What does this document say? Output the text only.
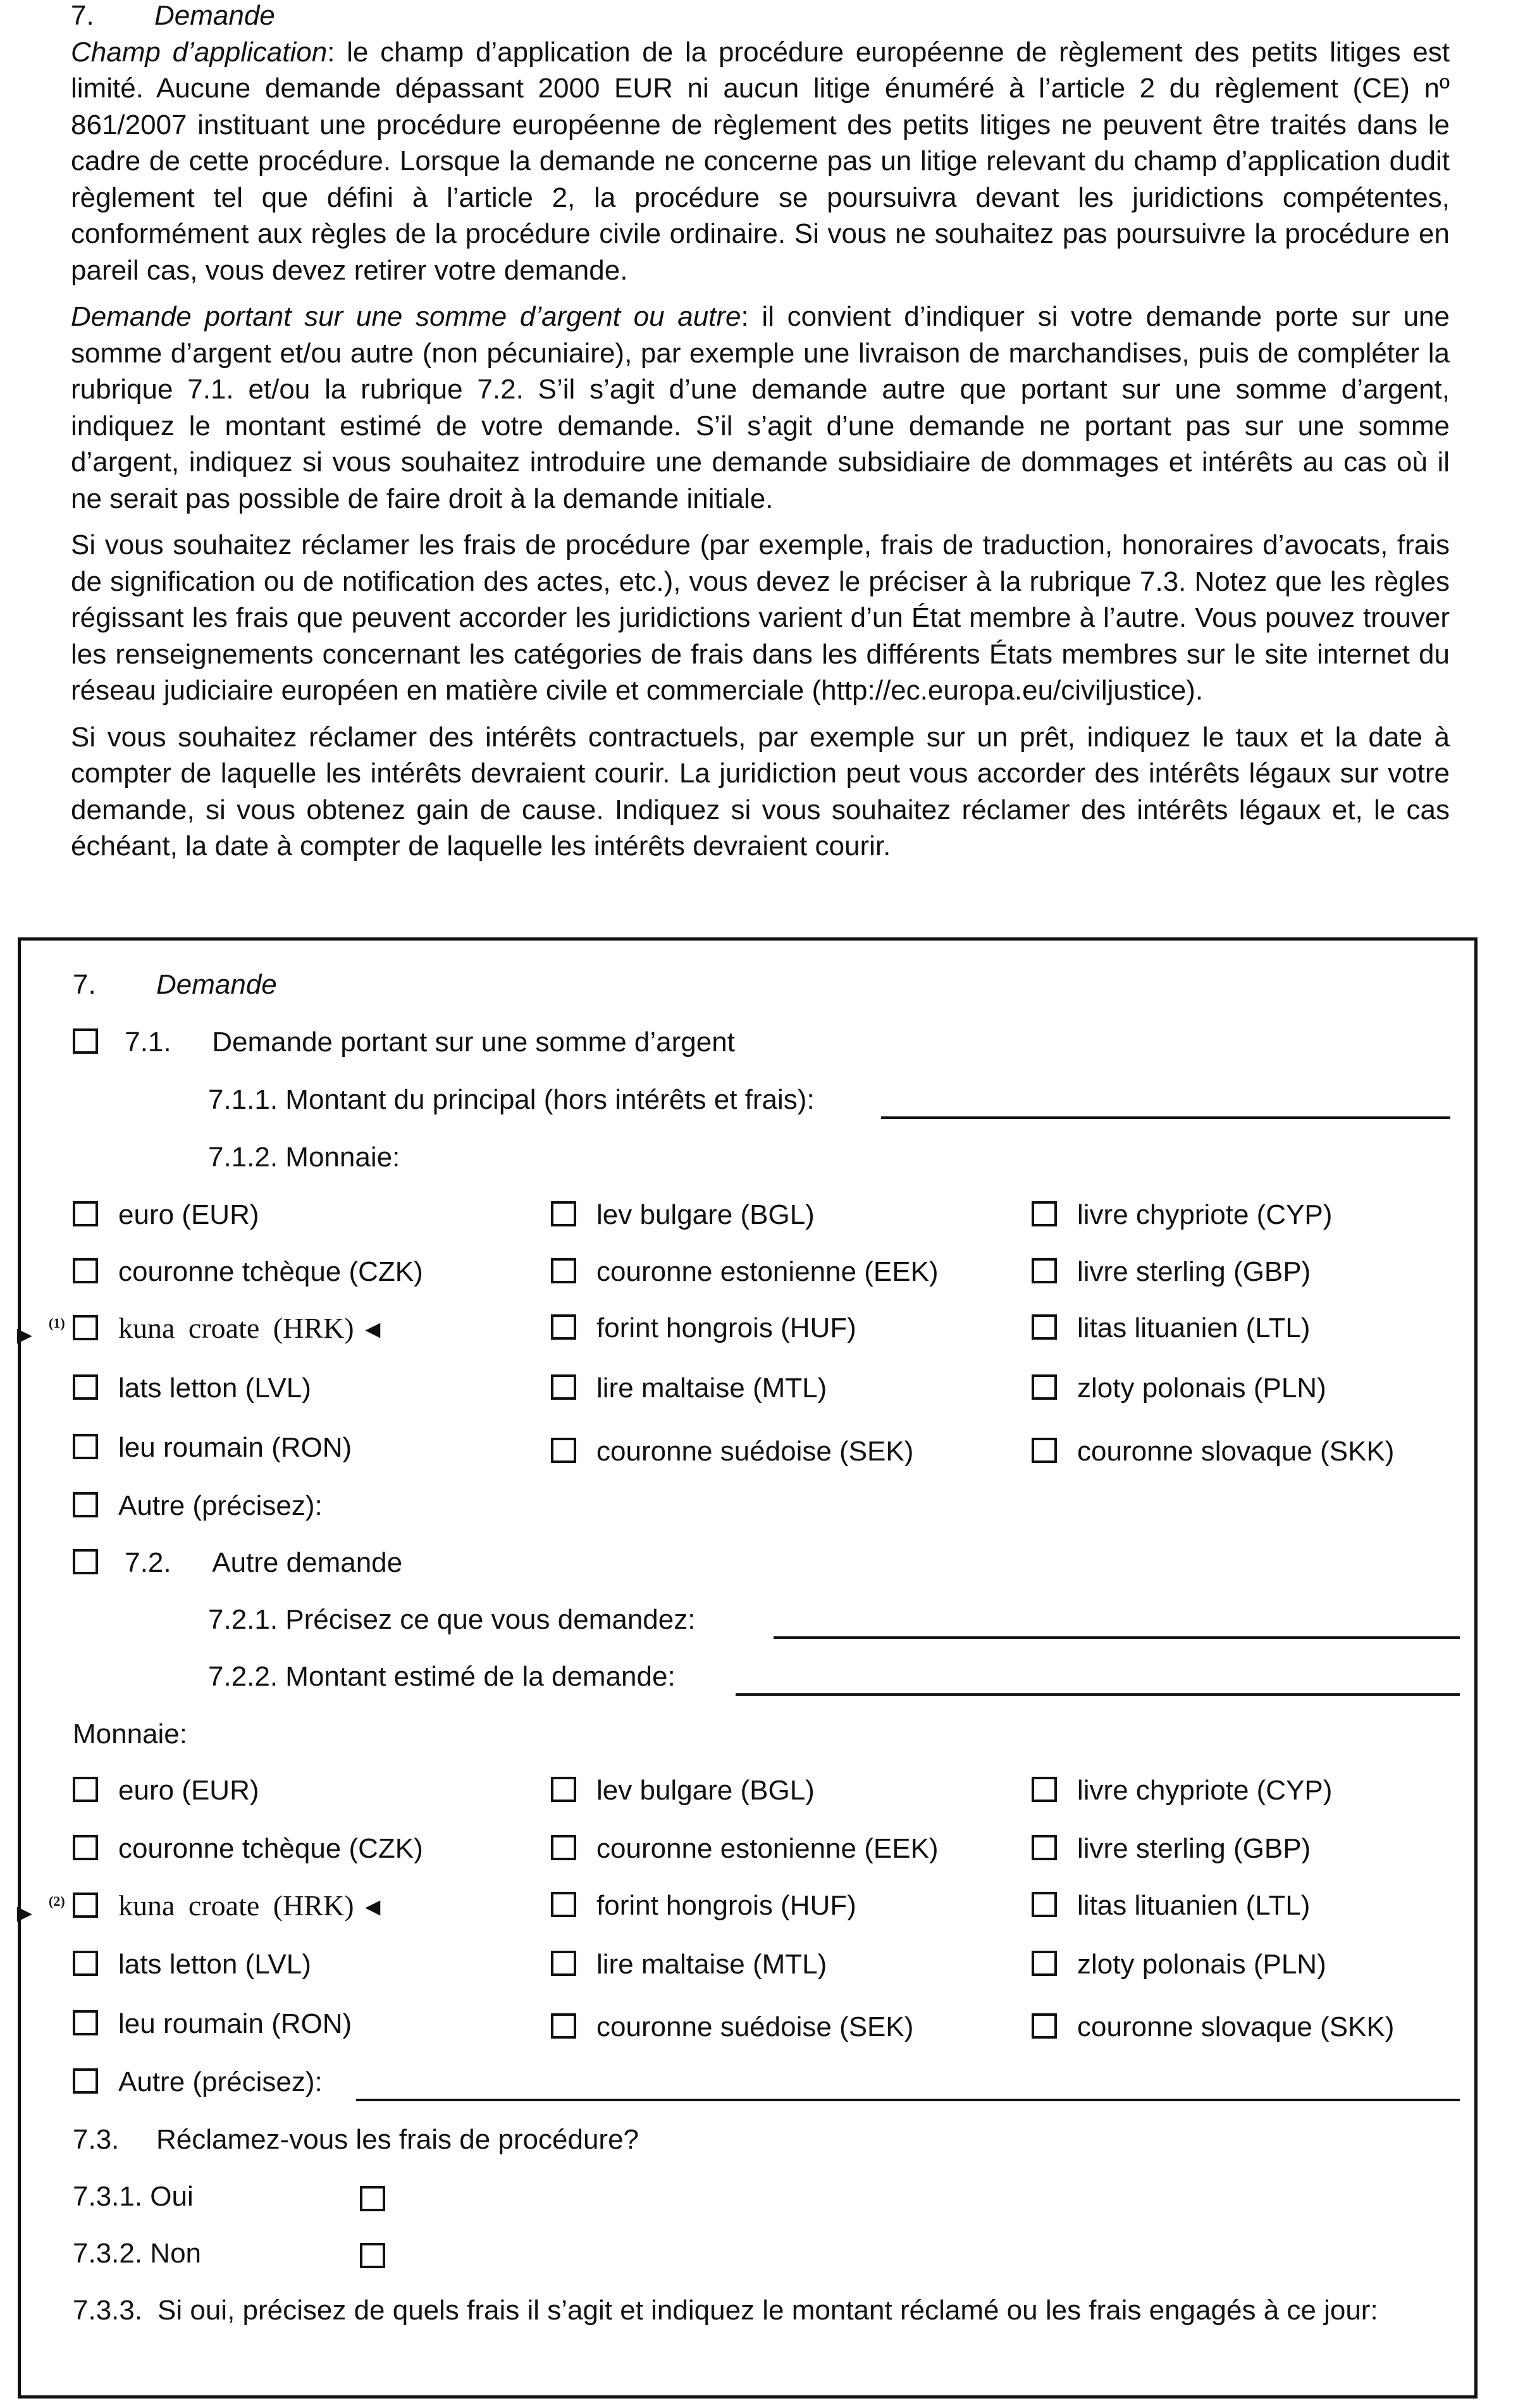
7. Demande

Champ d’application: le champ d’application de la procédure européenne de règlement des petits litiges est limité. Aucune demande dépassant 2000 EUR ni aucun litige énuméré à l’article 2 du règlement (CE) nº 861/2007 instituant une procédure européenne de règlement des petits litiges ne peuvent être traités dans le cadre de cette procédure. Lorsque la demande ne concerne pas un litige relevant du champ d’application dudit règlement tel que défini à l’article 2, la procédure se poursuivra devant les juridictions compétentes, conformément aux règles de la procédure civile ordinaire. Si vous ne souhaitez pas poursuivre la procédure en pareil cas, vous devez retirer votre demande.

Demande portant sur une somme d’argent ou autre: il convient d’indiquer si votre demande porte sur une somme d’argent et/ou autre (non pécuniaire), par exemple une livraison de marchandises, puis de compléter la rubrique 7.1. et/ou la rubrique 7.2. S’il s’agit d’une demande autre que portant sur une somme d’argent, indiquez le montant estimé de votre demande. S’il s’agit d’une demande ne portant pas sur une somme d’argent, indiquez si vous souhaitez introduire une demande subsidiaire de dommages et intérêts au cas où il ne serait pas possible de faire droit à la demande initiale.

Si vous souhaitez réclamer les frais de procédure (par exemple, frais de traduction, honoraires d’avocats, frais de signification ou de notification des actes, etc.), vous devez le préciser à la rubrique 7.3. Notez que les règles régissant les frais que peuvent accorder les juridictions varient d’un État membre à l’autre. Vous pouvez trouver les renseignements concernant les catégories de frais dans les différents États membres sur le site internet du réseau judiciaire européen en matière civile et commerciale (http://ec.europa.eu/civiljustice).

Si vous souhaitez réclamer des intérêts contractuels, par exemple sur un prêt, indiquez le taux et la date à compter de laquelle les intérêts devraient courir. La juridiction peut vous accorder des intérêts légaux sur votre demande, si vous obtenez gain de cause. Indiquez si vous souhaitez réclamer des intérêts légaux et, le cas échéant, la date à compter de laquelle les intérêts devraient courir.

7. Demande
7.1. Demande portant sur une somme d’argent
7.1.1. Montant du principal (hors intérêts et frais):
7.1.2. Monnaie:
euro (EUR)	lev bulgare (BGL)	livre chypriote (CYP)
couronne tchèque (CZK)	couronne estonienne (EEK)	livre sterling (GBP)
► (1)	kuna croate (HRK) ◄	forint hongrois (HUF)	litas lituanien (LTL)
lats letton (LVL)	lire maltaise (MTL)	zloty polonais (PLN)
leu roumain (RON)	couronne suédoise (SEK)	couronne slovaque (SKK)
Autre (précisez):
7.2. Autre demande
7.2.1. Précisez ce que vous demandez:
7.2.2. Montant estimé de la demande:
Monnaie:
euro (EUR)	lev bulgare (BGL)	livre chypriote (CYP)
couronne tchèque (CZK)	couronne estonienne (EEK)	livre sterling (GBP)
► (2)	kuna croate (HRK) ◄	forint hongrois (HUF)	litas lituanien (LTL)
lats letton (LVL)	lire maltaise (MTL)	zloty polonais (PLN)
leu roumain (RON)	couronne suédoise (SEK)	couronne slovaque (SKK)
Autre (précisez):
7.3. Réclamez-vous les frais de procédure?
7.3.1. Oui
7.3.2. Non
7.3.3. Si oui, précisez de quels frais il s’agit et indiquez le montant réclamé ou les frais engagés à ce jour:
